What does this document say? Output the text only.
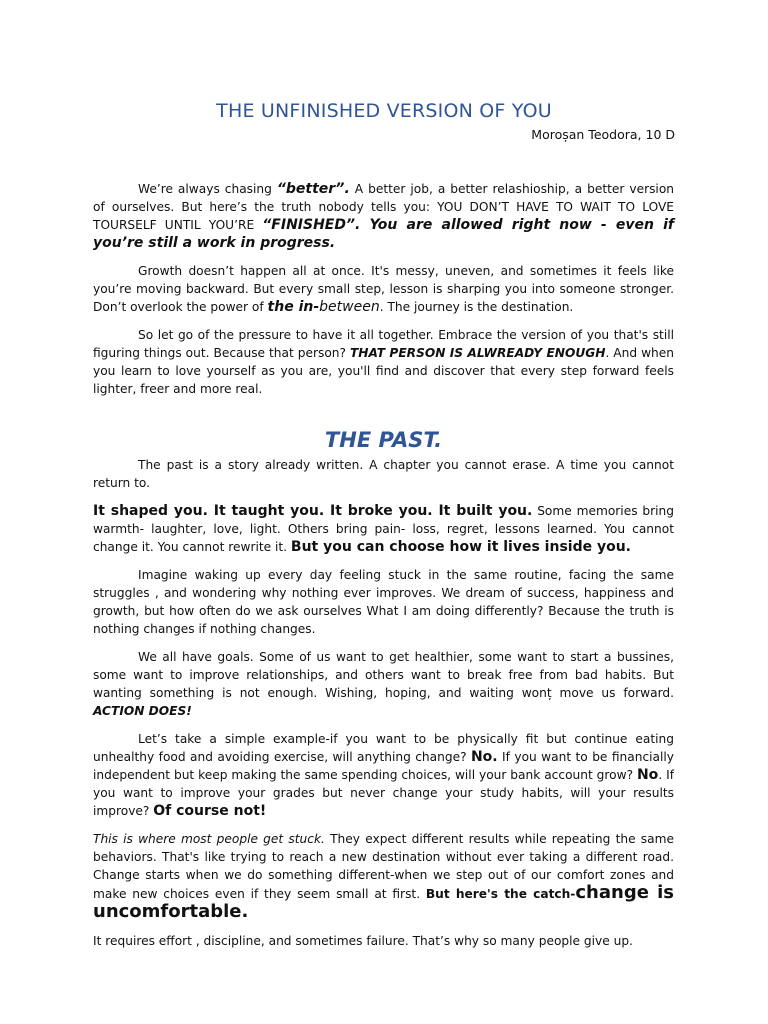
THE UNFINISHED VERSION OF YOU
Moroșan Teodora, 10 D

We’re always chasing “better”. A better job, a better relashioship, a better version of ourselves. But here’s the truth nobody tells you: YOU DON’T HAVE TO WAIT TO LOVE TOURSELF UNTIL YOU’RE “FINISHED”. You are allowed right now - even if you’re still a work in progress.

Growth doesn’t happen all at once. It's messy, uneven, and sometimes it feels like you’re moving backward. But every small step, lesson is sharping you into someone stronger. Don’t overlook the power of the in-between. The journey is the destination.

So let go of the pressure to have it all together. Embrace the version of you that's still figuring things out. Because that person? THAT PERSON IS ALWREADY ENOUGH. And when you learn to love yourself as you are, you'll find and discover that every step forward feels lighter, freer and more real.

THE PAST.

The past is a story already written. A chapter you cannot erase. A time you cannot return to.

It shaped you. It taught you. It broke you. It built you. Some memories bring warmth- laughter, love, light. Others bring pain- loss, regret, lessons learned. You cannot change it. You cannot rewrite it. But you can choose how it lives inside you.

Imagine waking up every day feeling stuck in the same routine, facing the same struggles , and wondering why nothing ever improves. We dream of success, happiness and growth, but how often do we ask ourselves What I am doing differently? Because the truth is nothing changes if nothing changes.

We all have goals. Some of us want to get healthier, some want to start a bussines, some want to improve relationships, and others want to break free from bad habits. But wanting something is not enough. Wishing, hoping, and waiting wonț move us forward. ACTION DOES!

Let’s take a simple example-if you want to be physically fit but continue eating unhealthy food and avoiding exercise, will anything change? No. If you want to be financially independent but keep making the same spending choices, will your bank account grow? No. If you want to improve your grades but never change your study habits, will your results improve? Of course not!

This is where most people get stuck. They expect different results while repeating the same behaviors. That's like trying to reach a new destination without ever taking a different road. Change starts when we do something different-when we step out of our comfort zones and make new choices even if they seem small at first. But here's the catch-change is uncomfortable.

It requires effort , discipline, and sometimes failure. That’s why so many people give up.
